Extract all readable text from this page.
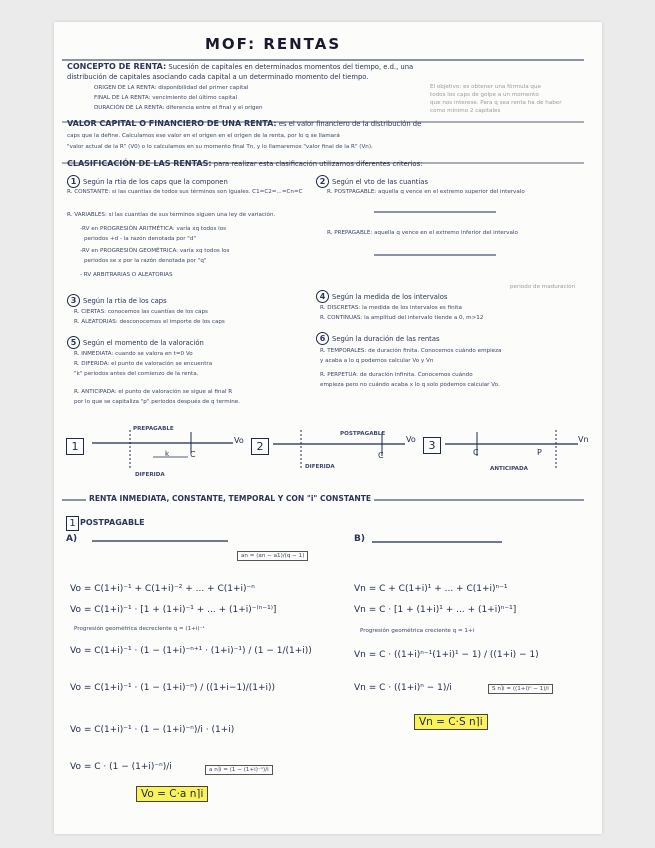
MOF: RENTAS
CONCEPTO DE RENTA: Sucesión de capitales en determinados momentos del tiempo, e.d., una
distribución de capitales asociando cada capital a un determinado momento del tiempo.
ORIGEN DE LA RENTA: disponibilidad del primer capital
FINAL DE LA RENTA: vencimiento del último capital
DURACIÓN DE LA RENTA: diferencia entre el final y el origen
El objetivo: es obtener una fórmula que
todos los caps de golpe a un momento
que nos interese. Para q sea renta ha de haber
como mínimo 2 capitales
VALOR CAPITAL O FINANCIERO DE UNA RENTA: es el valor financiero de la distribución de
caps que la define. Calculamos ese valor en el origen en el origen de la renta, por lo q se llamará
"valor actual de la R" (V0) o lo calculamos en su momento final Tn, y lo llamaremos "valor final de la R" (Vn).
CLASIFICACIÓN DE LAS RENTAS: para realizar esta clasificación utilizamos diferentes criterios:
1 Según la rtia de los caps que la componen
R. CONSTANTE: si las cuantías de todos sus términos son iguales. C1=C2=...=Cn=C
R. VARIABLES: si las cuantías de sus términos siguen una ley de variación.
-RV en PROGRESIÓN ARITMÉTICA: varía xq todos los
periodos +d - la razón denotada por "d"
-RV en PROGRESIÓN GEOMÉTRICA: varía xq todos los
periodos se x por la razón denotada por "q"
- RV ARBITRARIAS O ALEATORIAS
2 Según el vto de las cuantías
R. POSTPAGABLE: aquella q vence en el extremo superior del intervalo
R. PREPAGABLE: aquella q vence en el extremo inferior del intervalo
3 Según la rtia de los caps
R. CIERTAS: conocemos las cuantías de los caps
R. ALEATORIAS: desconocemos el importe de los caps
4 Según la medida de los intervalos
periodo de maduración
R. DISCRETAS: la medida de los intervalos es finita
R. CONTINUAS: la amplitud del intervalo tiende a 0, m>12
5 Según el momento de la valoración
R. INMEDIATA: cuando se valora en t=0 Vo
R. DIFERIDA: el punto de valoración se encuentra
"k" periodos antes del comienzo de la renta.
R. ANTICIPADA: el punto de valoración se sigue al final R
por lo que se capitaliza "p" periodos después de q termine.
6 Según la duración de las rentas
R. TEMPORALES: de duración finita. Conocemos cuándo empieza
y acaba a lo q podemos calcular Vo y Vn
R. PERPETUA: de duración infinita. Conocemos cuándo
empieza pero no cuándo acaba x lo q solo podemos calcular Vo.
1
PREPAGABLE
k	C
Vo
DIFERIDA
2
POSTPAGABLE
C
Vo
DIFERIDA
3
C	P
Vn
ANTICIPADA
RENTA INMEDIATA, CONSTANTE, TEMPORAL Y CON "i" CONSTANTE
1 POSTPAGABLE
A)	B)
an = (an − a1)/(q − 1)
Vo = C(1+i)⁻¹ + C(1+i)⁻² + ... + C(1+i)⁻ⁿ
Vo = C(1+i)⁻¹ · [1 + (1+i)⁻¹ + ... + (1+i)⁻⁽ⁿ⁻¹⁾]
Progresión geométrica decreciente q = (1+i)⁻¹
Vo = C(1+i)⁻¹ · (1 − (1+i)⁻ⁿ⁺¹ · (1+i)⁻¹) / (1 − 1/(1+i))
Vo = C(1+i)⁻¹ · (1 − (1+i)⁻ⁿ) / ((1+i−1)/(1+i))
Vo = C(1+i)⁻¹ · (1 − (1+i)⁻ⁿ)/i · (1+i)
Vo = C · (1 − (1+i)⁻ⁿ)/i
Vo = C·a n⌉i
a n⌉i = (1 − (1+i)⁻ⁿ)/i
Vn = C + C(1+i)¹ + ... + C(1+i)ⁿ⁻¹
Vn = C · [1 + (1+i)¹ + ... + (1+i)ⁿ⁻¹]
Progresión geométrica creciente q = 1+i
Vn = C · ((1+i)ⁿ⁻¹(1+i)¹ − 1) / ((1+i) − 1)
Vn = C · ((1+i)ⁿ − 1)/i	S n⌉i = ((1+i)ⁿ − 1)/i
Vn = C·S n⌉i
